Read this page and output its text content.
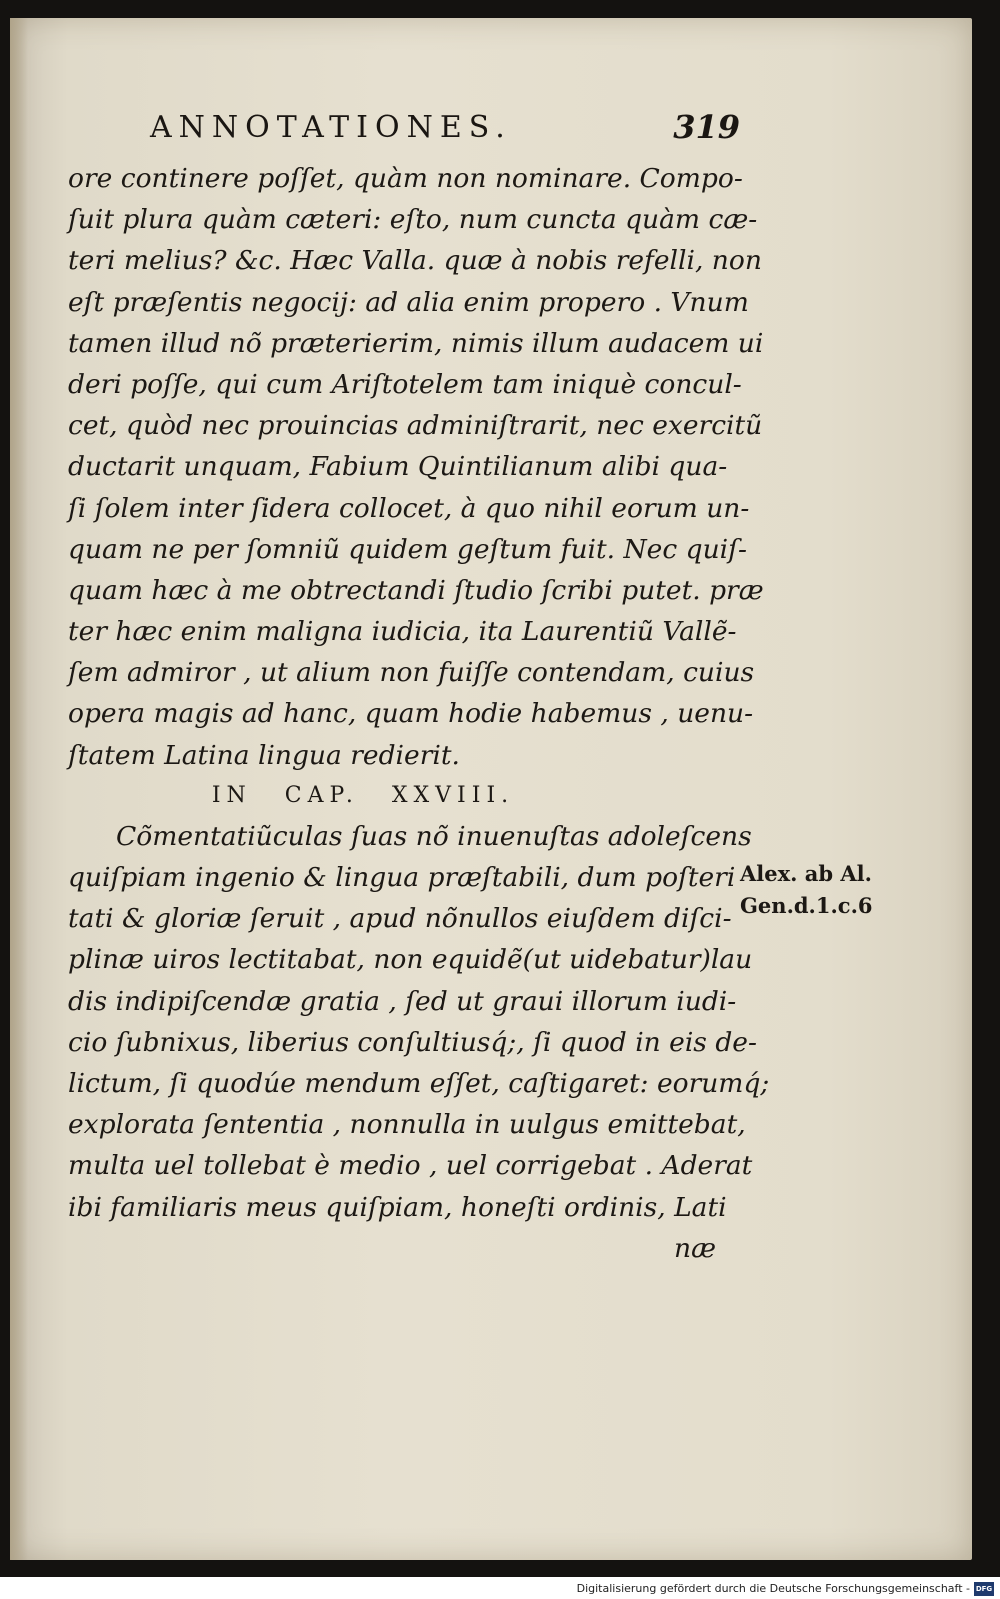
ANNOTATIONES.	319
ore continere poſſet, quàm non nominare. Compo-
ſuit plura quàm cæteri: eſto, num cuncta quàm cæ-
teri melius? &c. Hæc Valla. quæ à nobis refelli, non
eſt præſentis negocij: ad alia enim propero . Vnum
tamen illud nõ præterierim, nimis illum audacem ui
deri poſſe, qui cum Ariſtotelem tam iniquè concul-
cet, quòd nec prouincias adminiſtrarit, nec exercitũ
ductarit unquam, Fabium Quintilianum alibi qua-
ſi ſolem inter ſidera collocet, à quo nihil eorum un-
quam ne per ſomniũ quidem geſtum fuit. Nec quiſ-
quam hæc à me obtrectandi ſtudio ſcribi putet. præ
ter hæc enim maligna iudicia, ita Laurentiũ Vallẽ-
ſem admiror , ut alium non fuiſſe contendam, cuius
opera magis ad hanc, quam hodie habemus , uenu-
ſtatem Latina lingua redierit.
IN CAP. XXVIII.
Cõmentatiũculas ſuas nõ inuenuſtas adoleſcens
quiſpiam ingenio & lingua præſtabili, dum poſteri
tati & gloriæ ſeruit , apud nõnullos eiuſdem diſci-
plinæ uiros lectitabat, non equidẽ(ut uidebatur)lau
dis indipiſcendæ gratia , ſed ut graui illorum iudi-
cio ſubnixus, liberius conſultiusq́;, ſi quod in eis de-
lictum, ſi quodúe mendum eſſet, caſtigaret: eorumq́;
explorata ſententia , nonnulla in uulgus emittebat,
multa uel tollebat è medio , uel corrigebat . Aderat
ibi familiaris meus quiſpiam, honeſti ordinis, Lati
næ
Alex. ab Al.
Gen.d.1.c.6
Digitalisierung gefördert durch die Deutsche Forschungsgemeinschaft - DFG
